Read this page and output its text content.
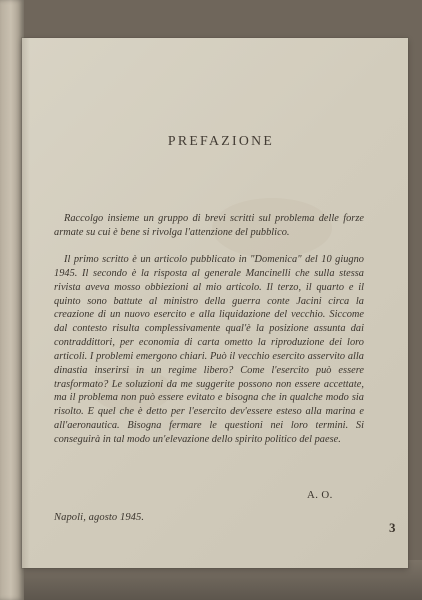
PREFAZIONE

Raccolgo insieme un gruppo di brevi scritti sul problema delle forze armate su cui è bene si rivolga l'attenzione del pubblico.

Il primo scritto è un articolo pubblicato in "Domenica" del 10 giugno 1945. Il secondo è la risposta al generale Mancinelli che sulla stessa rivista aveva mosso obbiezioni al mio articolo. Il terzo, il quarto e il quinto sono battute al ministro della guerra conte Jacini circa la creazione di un nuovo esercito e alla liquidazione del vecchio. Siccome dal contesto risulta complessivamente qual'è la posizione assunta dai contraddittori, per economia di carta ometto la riproduzione dei loro articoli. I problemi emergono chiari. Può il vecchio esercito asservito alla dinastia inserirsi in un regime libero? Come l'esercito può essere trasformato? Le soluzioni da me suggerite possono non essere accettate, ma il problema non può essere evitato e bisogna che in qualche modo sia risolto. E quel che è detto per l'esercito dev'essere esteso alla marina e all'aeronautica. Bisogna fermare le questioni nei loro termini. Si conseguirà in tal modo un'elevazione dello spirito politico del paese.

A. O.
Napoli, agosto 1945.
3
